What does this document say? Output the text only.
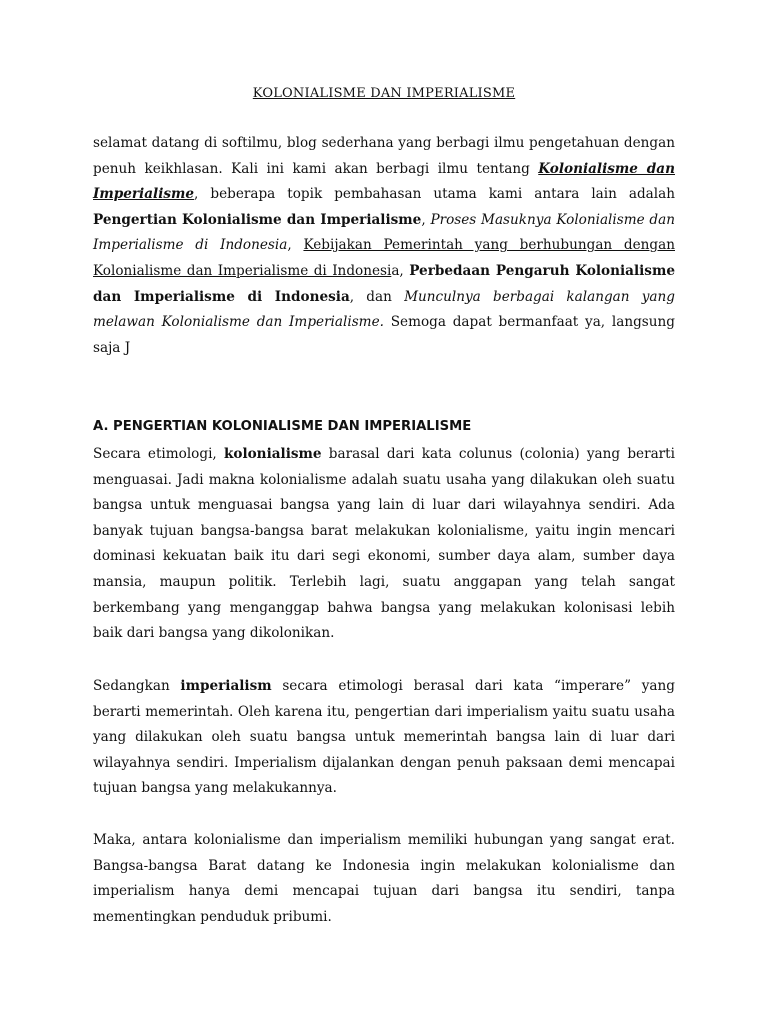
KOLONIALISME DAN IMPERIALISME
selamat datang di softilmu, blog sederhana yang berbagi ilmu pengetahuan dengan penuh keikhlasan. Kali ini kami akan berbagi ilmu tentang Kolonialisme dan Imperialisme, beberapa topik pembahasan utama kami antara lain adalah Pengertian Kolonialisme dan Imperialisme, Proses Masuknya Kolonialisme dan Imperialisme di Indonesia, Kebijakan Pemerintah yang berhubungan dengan Kolonialisme dan Imperialisme di Indonesia, Perbedaan Pengaruh Kolonialisme dan Imperialisme di Indonesia, dan Munculnya berbagai kalangan yang melawan Kolonialisme dan Imperialisme. Semoga dapat bermanfaat ya, langsung saja J
A. PENGERTIAN KOLONIALISME DAN IMPERIALISME
Secara etimologi, kolonialisme barasal dari kata colunus (colonia) yang berarti menguasai. Jadi makna kolonialisme adalah suatu usaha yang dilakukan oleh suatu bangsa untuk menguasai bangsa yang lain di luar dari wilayahnya sendiri. Ada banyak tujuan bangsa-bangsa barat melakukan kolonialisme, yaitu ingin mencari dominasi kekuatan baik itu dari segi ekonomi, sumber daya alam, sumber daya mansia, maupun politik. Terlebih lagi, suatu anggapan yang telah sangat berkembang yang menganggap bahwa bangsa yang melakukan kolonisasi lebih baik dari bangsa yang dikolonikan.
Sedangkan imperialism secara etimologi berasal dari kata “imperare” yang berarti memerintah. Oleh karena itu, pengertian dari imperialism yaitu suatu usaha yang dilakukan oleh suatu bangsa untuk memerintah bangsa lain di luar dari wilayahnya sendiri. Imperialism dijalankan dengan penuh paksaan demi mencapai tujuan bangsa yang melakukannya.
Maka, antara kolonialisme dan imperialism memiliki hubungan yang sangat erat. Bangsa-bangsa Barat datang ke Indonesia ingin melakukan kolonialisme dan imperialism hanya demi mencapai tujuan dari bangsa itu sendiri, tanpa mementingkan penduduk pribumi.
